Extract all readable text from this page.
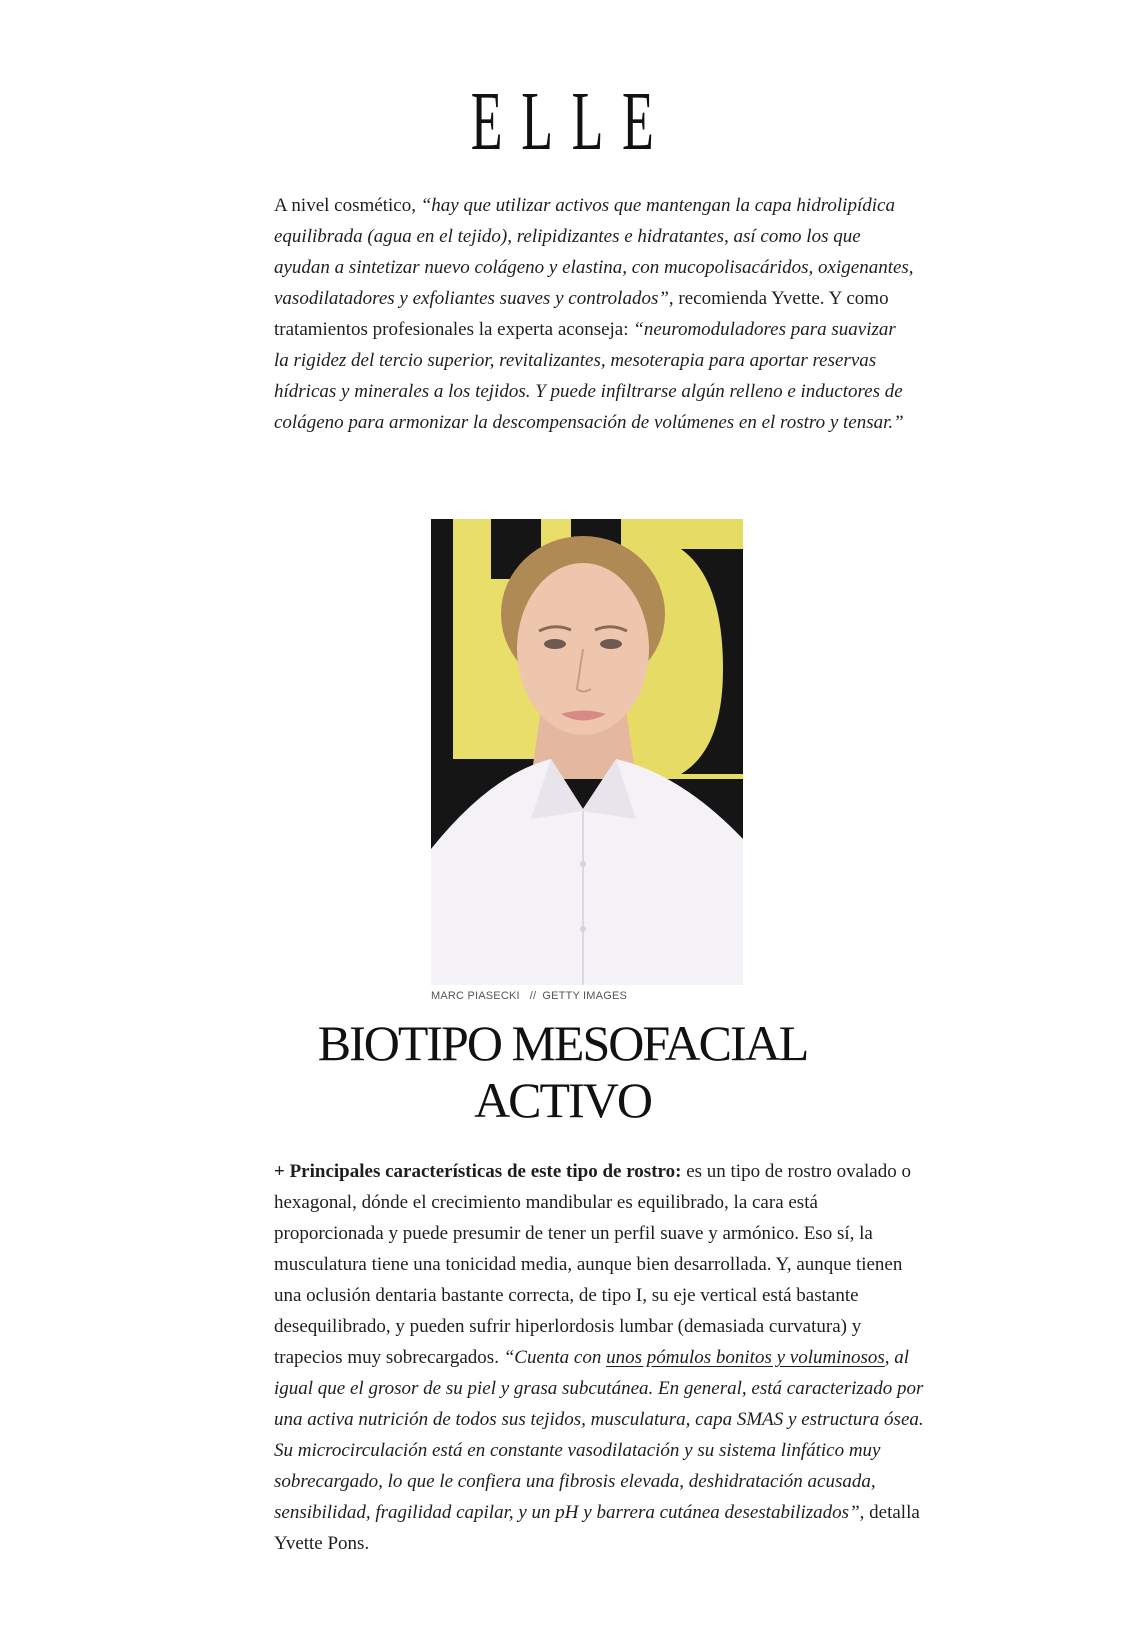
ELLE

A nivel cosmético, “hay que utilizar activos que mantengan la capa hidrolipídica equilibrada (agua en el tejido), relipidizantes e hidratantes, así como los que ayudan a sintetizar nuevo colágeno y elastina, con mucopolisacáridos, oxigenantes, vasodilatadores y exfoliantes suaves y controlados”, recomienda Yvette. Y como tratamientos profesionales la experta aconseja: “neuromoduladores para suavizar la rigidez del tercio superior, revitalizantes, mesoterapia para aportar reservas hídricas y minerales a los tejidos. Y puede infiltrarse algún relleno e inductores de colágeno para armonizar la descompensación de volúmenes en el rostro y tensar.”

MARC PIASECKI // GETTY IMAGES
BIOTIPO MESOFACIAL
ACTIVO

+ Principales características de este tipo de rostro: es un tipo de rostro ovalado o hexagonal, dónde el crecimiento mandibular es equilibrado, la cara está proporcionada y puede presumir de tener un perfil suave y armónico. Eso sí, la musculatura tiene una tonicidad media, aunque bien desarrollada. Y, aunque tienen una oclusión dentaria bastante correcta, de tipo I, su eje vertical está bastante desequilibrado, y pueden sufrir hiperlordosis lumbar (demasiada curvatura) y trapecios muy sobrecargados. “Cuenta con unos pómulos bonitos y voluminosos, al igual que el grosor de su piel y grasa subcutánea. En general, está caracterizado por una activa nutrición de todos sus tejidos, musculatura, capa SMAS y estructura ósea. Su microcirculación está en constante vasodilatación y su sistema linfático muy sobrecargado, lo que le confiera una fibrosis elevada, deshidratación acusada, sensibilidad, fragilidad capilar, y un pH y barrera cutánea desestabilizados”, detalla Yvette Pons.
